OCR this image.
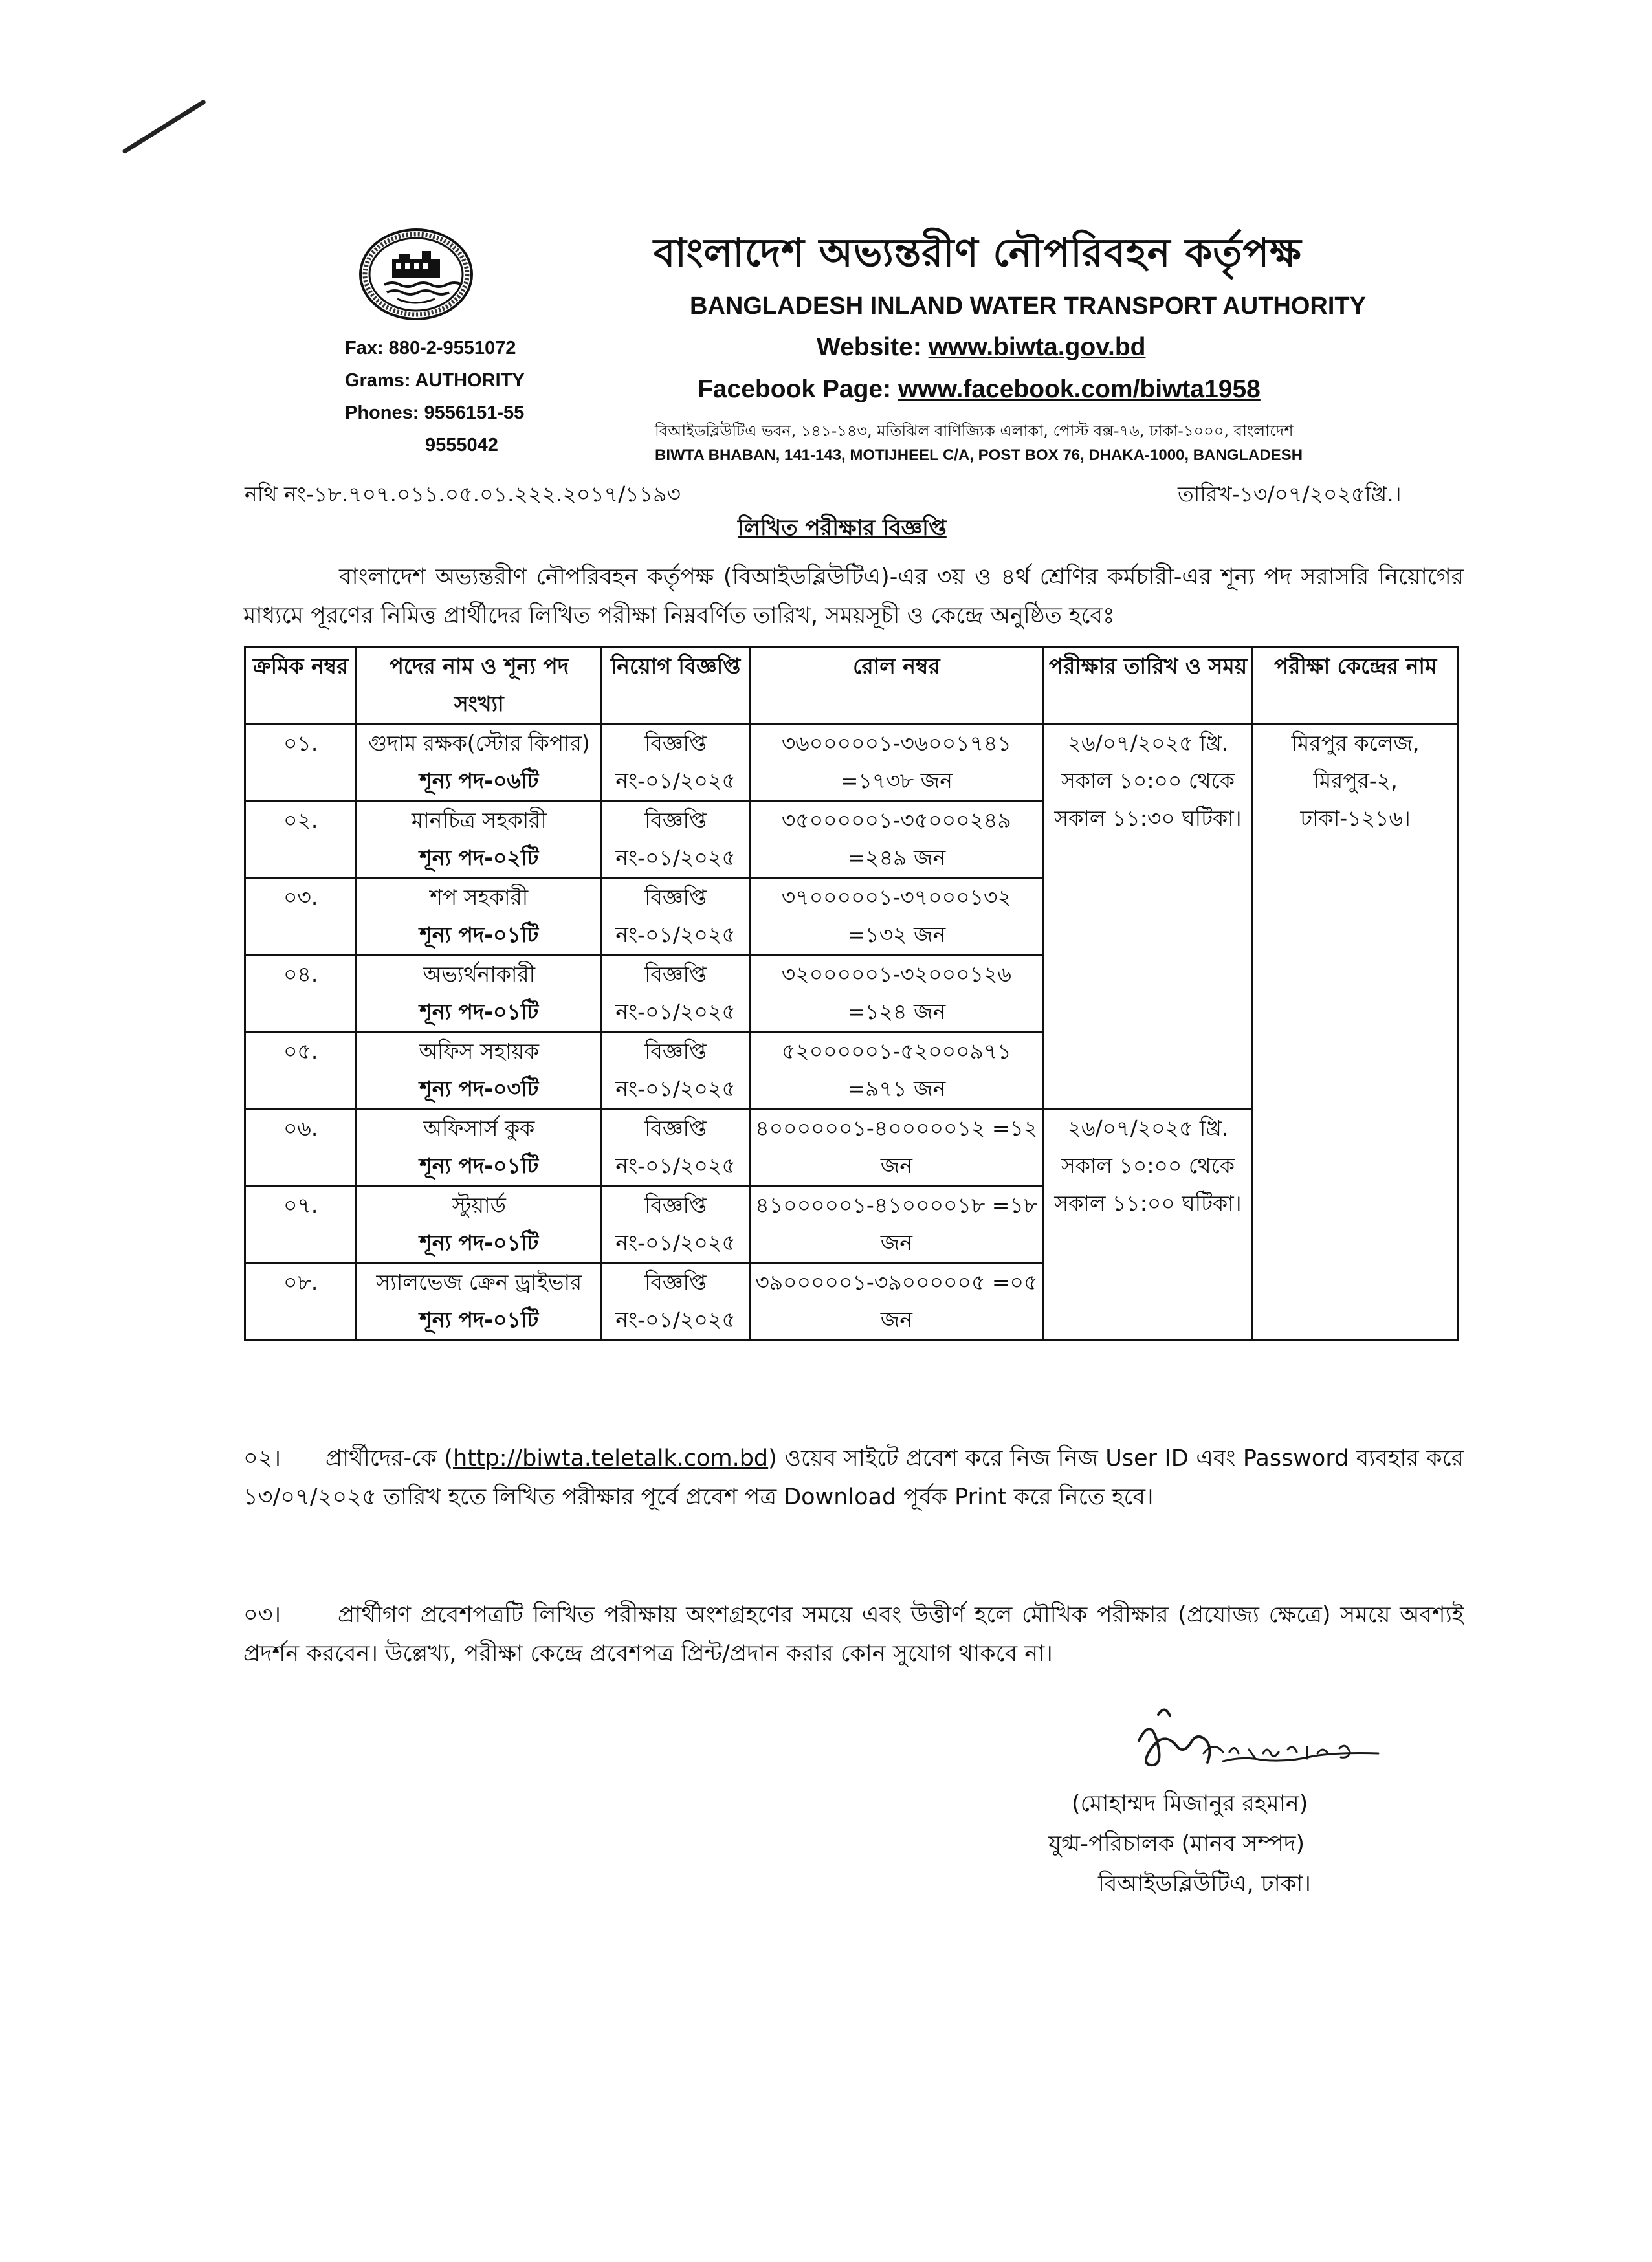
বাংলাদেশ অভ্যন্তরীণ নৌপরিবহন কর্তৃপক্ষ
BANGLADESH INLAND WATER TRANSPORT AUTHORITY
Website: www.biwta.gov.bd
Facebook Page: www.facebook.com/biwta1958
Fax: 880-2-9551072
Grams: AUTHORITY
Phones: 9556151-55
9555042
বিআইডব্লিউটিএ ভবন, ১৪১-১৪৩, মতিঝিল বাণিজ্যিক এলাকা, পোস্ট বক্স-৭৬, ঢাকা-১০০০, বাংলাদেশ
BIWTA BHABAN, 141-143, MOTIJHEEL C/A, POST BOX 76, DHAKA-1000, BANGLADESH
নথি নং-১৮.৭০৭.০১১.০৫.০১.২২২.২০১৭/১১৯৩	তারিখ-১৩/০৭/২০২৫খ্রি.।
লিখিত পরীক্ষার বিজ্ঞপ্তি
বাংলাদেশ অভ্যন্তরীণ নৌপরিবহন কর্তৃপক্ষ (বিআইডব্লিউটিএ)-এর ৩য় ও ৪র্থ শ্রেণির কর্মচারী-এর শূন্য পদ সরাসরি নিয়োগের মাধ্যমে পূরণের নিমিত্ত প্রার্থীদের লিখিত পরীক্ষা নিম্নবর্ণিত তারিখ, সময়সূচী ও কেন্দ্রে অনুষ্ঠিত হবেঃ
ক্রমিক নম্বর	পদের নাম ও শূন্য পদ সংখ্যা	নিয়োগ বিজ্ঞপ্তি	রোল নম্বর	পরীক্ষার তারিখ ও সময়	পরীক্ষা কেন্দ্রের নাম
০১.	গুদাম রক্ষক(স্টোর কিপার)
শূন্য পদ-০৬টি	বিজ্ঞপ্তি নং-০১/২০২৫	৩৬০০০০০১-৩৬০০১৭৪১ =১৭৩৮ জন	২৬/০৭/২০২৫ খ্রি. সকাল ১০:০০ থেকে সকাল ১১:৩০ ঘটিকা।	মিরপুর কলেজ, মিরপুর-২, ঢাকা-১২১৬।
০২.	মানচিত্র সহকারী
শূন্য পদ-০২টি	বিজ্ঞপ্তি নং-০১/২০২৫	৩৫০০০০০১-৩৫০০০২৪৯ =২৪৯ জন		
০৩.	শপ সহকারী
শূন্য পদ-০১টি	বিজ্ঞপ্তি নং-০১/২০২৫	৩৭০০০০০১-৩৭০০০১৩২ =১৩২ জন		
০৪.	অভ্যর্থনাকারী
শূন্য পদ-০১টি	বিজ্ঞপ্তি নং-০১/২০২৫	৩২০০০০০১-৩২০০০১২৬ =১২৪ জন		
০৫.	অফিস সহায়ক
শূন্য পদ-০৩টি	বিজ্ঞপ্তি নং-০১/২০২৫	৫২০০০০০১-৫২০০০৯৭১ =৯৭১ জন		
০৬.	অফিসার্স কুক
শূন্য পদ-০১টি	বিজ্ঞপ্তি নং-০১/২০২৫	৪০০০০০০১-৪০০০০০১২ =১২ জন	২৬/০৭/২০২৫ খ্রি. সকাল ১০:০০ থেকে সকাল ১১:০০ ঘটিকা।	
০৭.	স্টুয়ার্ড
শূন্য পদ-০১টি	বিজ্ঞপ্তি নং-০১/২০২৫	৪১০০০০০১-৪১০০০০১৮ =১৮ জন		
০৮.	স্যালভেজ ক্রেন ড্রাইভার
শূন্য পদ-০১টি	বিজ্ঞপ্তি নং-০১/২০২৫	৩৯০০০০০১-৩৯০০০০০৫ =০৫ জন		
০২। প্রার্থীদের-কে (http://biwta.teletalk.com.bd) ওয়েব সাইটে প্রবেশ করে নিজ নিজ User ID এবং Password ব্যবহার করে ১৩/০৭/২০২৫ তারিখ হতে লিখিত পরীক্ষার পূর্বে প্রবেশ পত্র Download পূর্বক Print করে নিতে হবে।
০৩।	প্রার্থীগণ প্রবেশপত্রটি লিখিত পরীক্ষায় অংশগ্রহণের সময়ে এবং উত্তীর্ণ হলে মৌখিক পরীক্ষার (প্রযোজ্য ক্ষেত্রে) সময়ে অবশ্যই প্রদর্শন করবেন। উল্লেখ্য, পরীক্ষা কেন্দ্রে প্রবেশপত্র প্রিন্ট/প্রদান করার কোন সুযোগ থাকবে না।
(মোহাম্মদ মিজানুর রহমান)
যুগ্ম-পরিচালক (মানব সম্পদ)
বিআইডব্লিউটিএ, ঢাকা।
